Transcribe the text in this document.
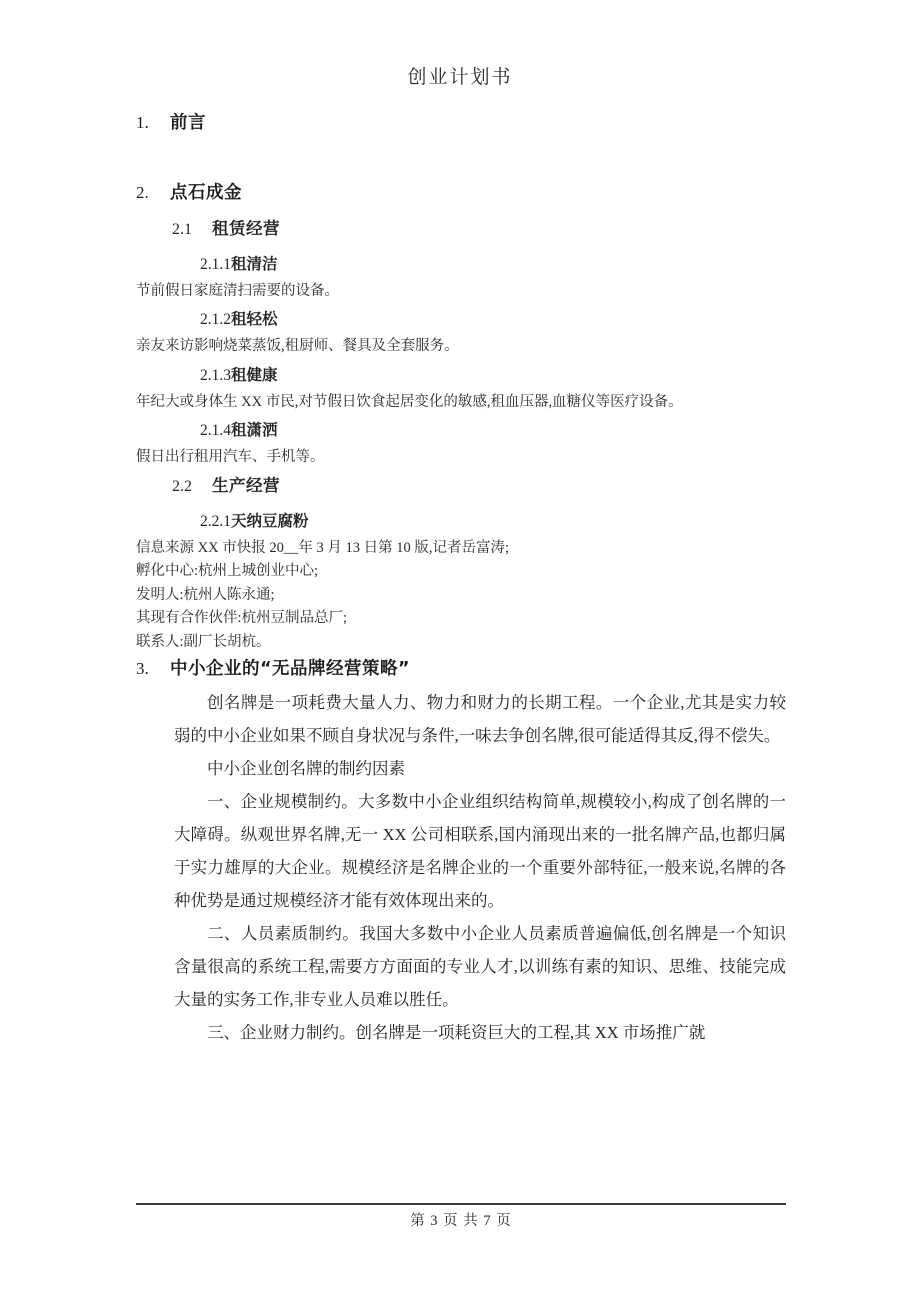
创业计划书
1.	前言
2.	点石成金
2.1	租赁经营
2.1.1租清洁

节前假日家庭清扫需要的设备。

2.1.2租轻松

亲友来访影响烧菜蒸饭,租厨师、餐具及全套服务。

2.1.3租健康

年纪大或身体生 XX 市民,对节假日饮食起居变化的敏感,租血压器,血糖仪等医疗设备。

2.1.4租潇洒

假日出行租用汽车、手机等。

2.2	生产经营
2.2.1天纳豆腐粉

信息来源 XX 市快报 20__年 3 月 13 日第 10 版,记者岳富涛;

孵化中心:杭州上城创业中心;

发明人:杭州人陈永通;

其现有合作伙伴:杭州豆制品总厂;

联系人:副厂长胡杭。

3.	中小企业的“无品牌经营策略”

创名牌是一项耗费大量人力、物力和财力的长期工程。一个企业,尤其是实力较弱的中小企业如果不顾自身状况与条件,一味去争创名牌,很可能适得其反,得不偿失。

中小企业创名牌的制约因素

一、企业规模制约。大多数中小企业组织结构简单,规模较小,构成了创名牌的一大障碍。纵观世界名牌,无一 XX 公司相联系,国内涌现出来的一批名牌产品,也都归属于实力雄厚的大企业。规模经济是名牌企业的一个重要外部特征,一般来说,名牌的各种优势是通过规模经济才能有效体现出来的。

二、人员素质制约。我国大多数中小企业人员素质普遍偏低,创名牌是一个知识含量很高的系统工程,需要方方面面的专业人才,以训练有素的知识、思维、技能完成大量的实务工作,非专业人员难以胜任。

三、企业财力制约。创名牌是一项耗资巨大的工程,其 XX 市场推广就

第 3 页 共 7 页
